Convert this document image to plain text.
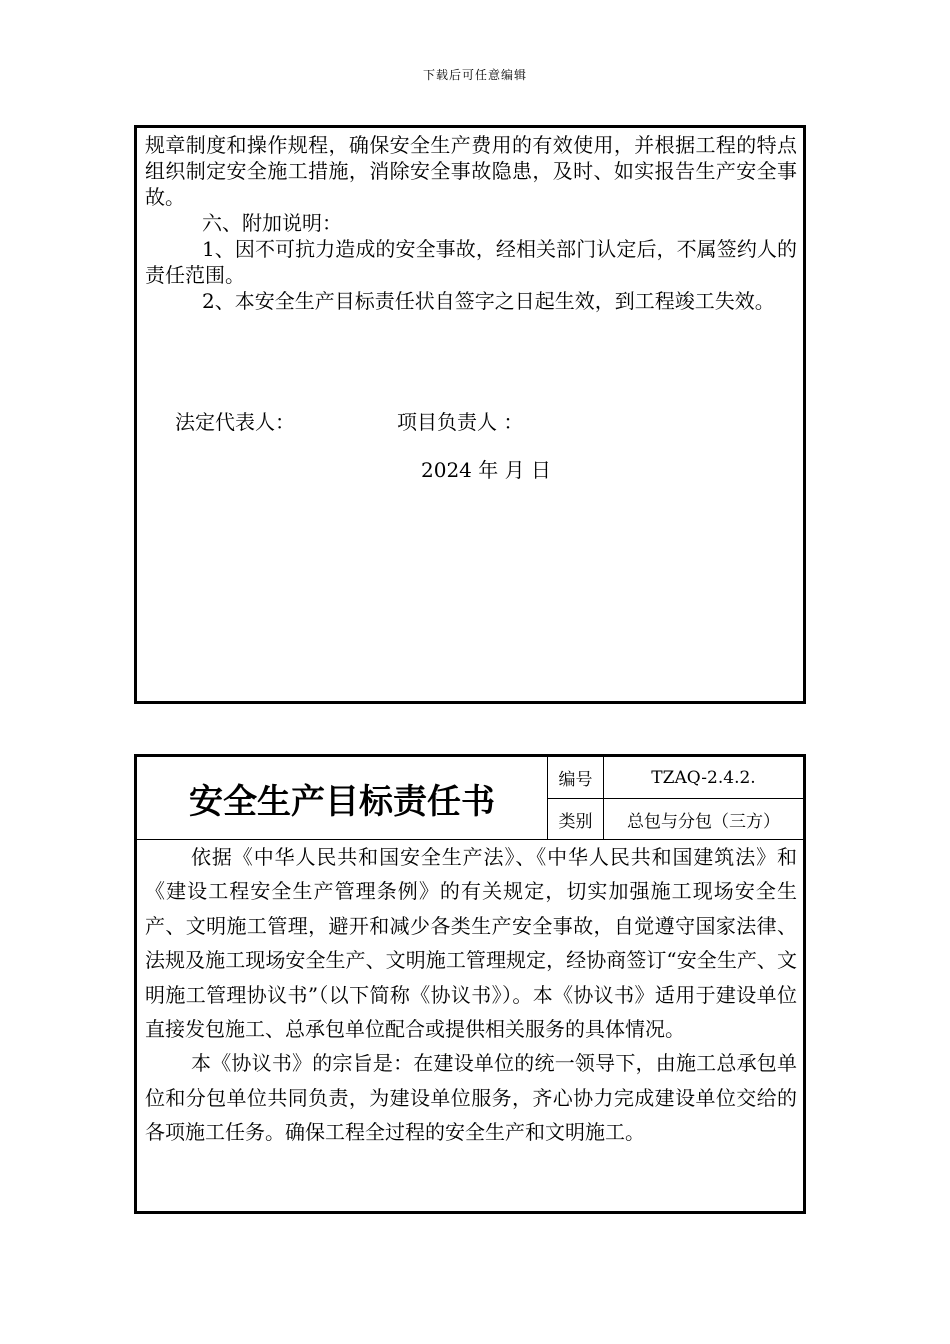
下载后可任意编辑

规章制度和操作规程，确保安全生产费用的有效使用，并根据工程的特点组织制定安全施工措施，消除安全事故隐患，及时、如实报告生产安全事故。

六、附加说明：

1、因不可抗力造成的安全事故，经相关部门认定后，不属签约人的责任范围。

2、本安全生产目标责任状自签字之日起生效，到工程竣工失效。

法定代表人：	项目负责人 ：
2024 年 月 日
安全生产目标责任书
编号	TZAQ-2.4.2.
类别	总包与分包（三方）

依据《中华人民共和国安全生产法》、《中华人民共和国建筑法》和《建设工程安全生产管理条例》的有关规定，切实加强施工现场安全生产、文明施工管理，避开和减少各类生产安全事故，自觉遵守国家法律、法规及施工现场安全生产、文明施工管理规定，经协商签订“安全生产、文明施工管理协议书”（以下简称《协议书》）。本《协议书》适用于建设单位直接发包施工、总承包单位配合或提供相关服务的具体情况。

本《协议书》的宗旨是：在建设单位的统一领导下，由施工总承包单位和分包单位共同负责，为建设单位服务，齐心协力完成建设单位交给的各项施工任务。确保工程全过程的安全生产和文明施工。
